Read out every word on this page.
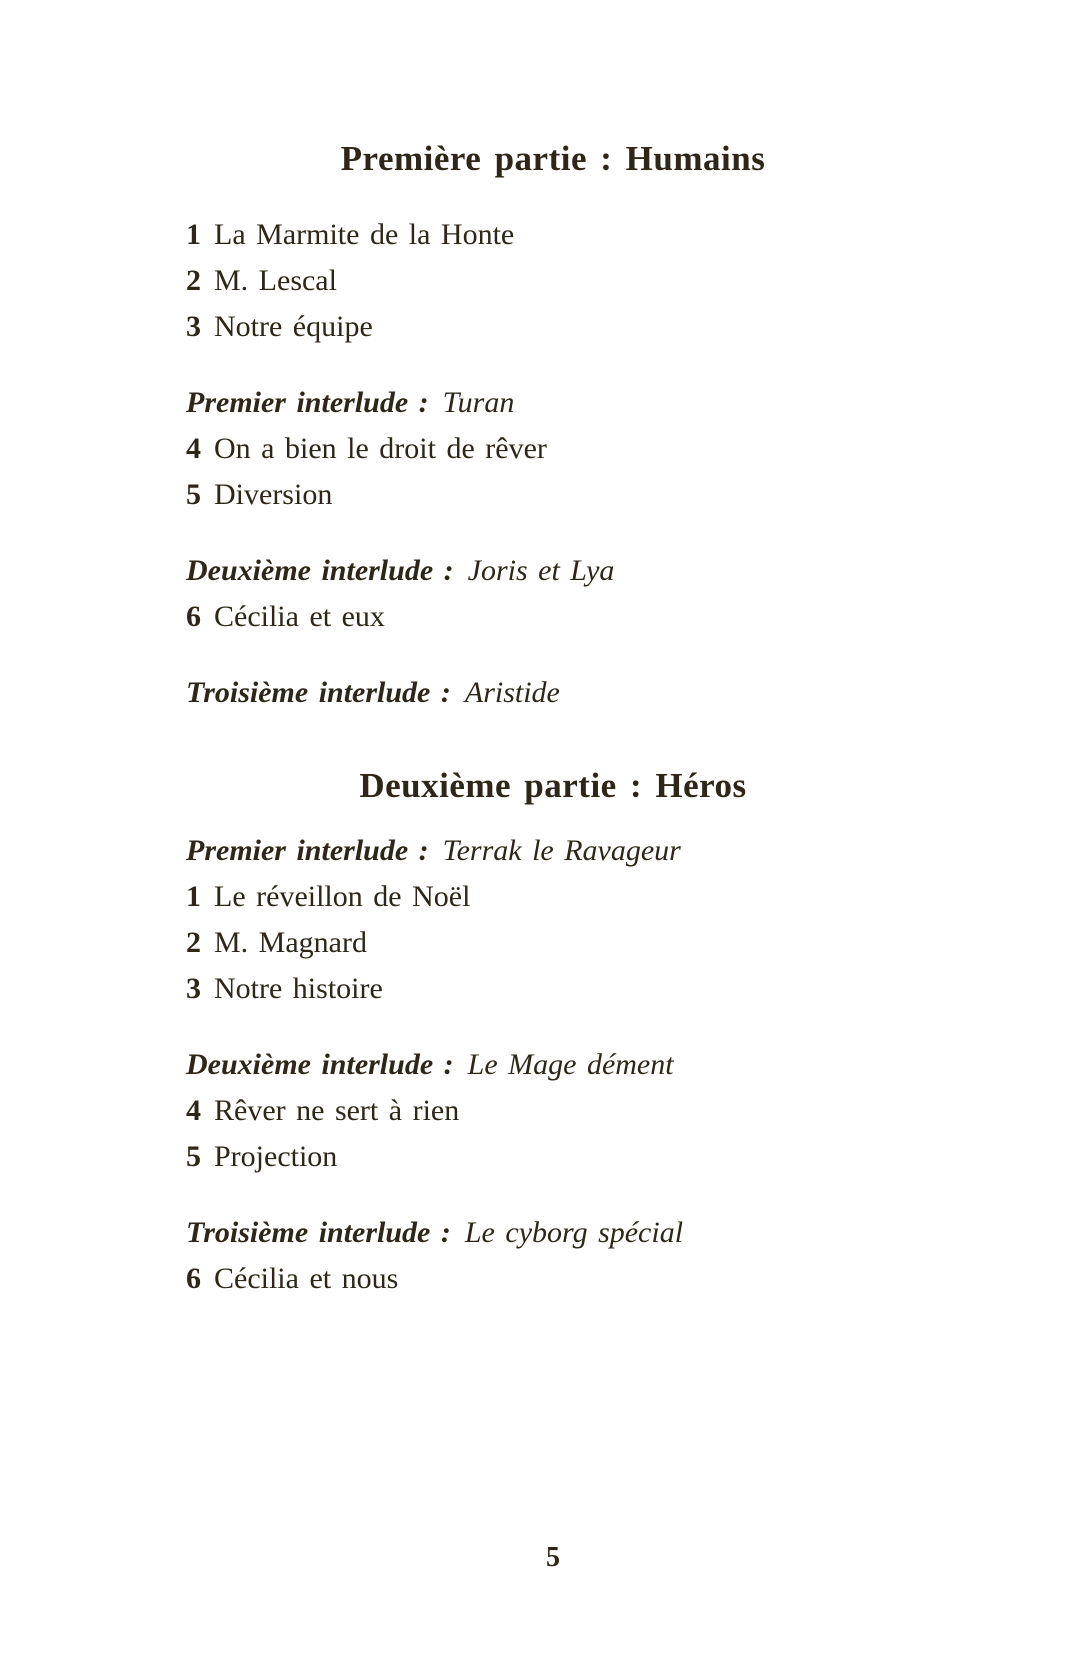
Première partie : Humains
1 La Marmite de la Honte
2 M. Lescal
3 Notre équipe
Premier interlude : Turan
4 On a bien le droit de rêver
5 Diversion
Deuxième interlude : Joris et Lya
6 Cécilia et eux
Troisième interlude : Aristide
Deuxième partie : Héros
Premier interlude : Terrak le Ravageur
1 Le réveillon de Noël
2 M. Magnard
3 Notre histoire
Deuxième interlude : Le Mage dément
4 Rêver ne sert à rien
5 Projection
Troisième interlude : Le cyborg spécial
6 Cécilia et nous
5
